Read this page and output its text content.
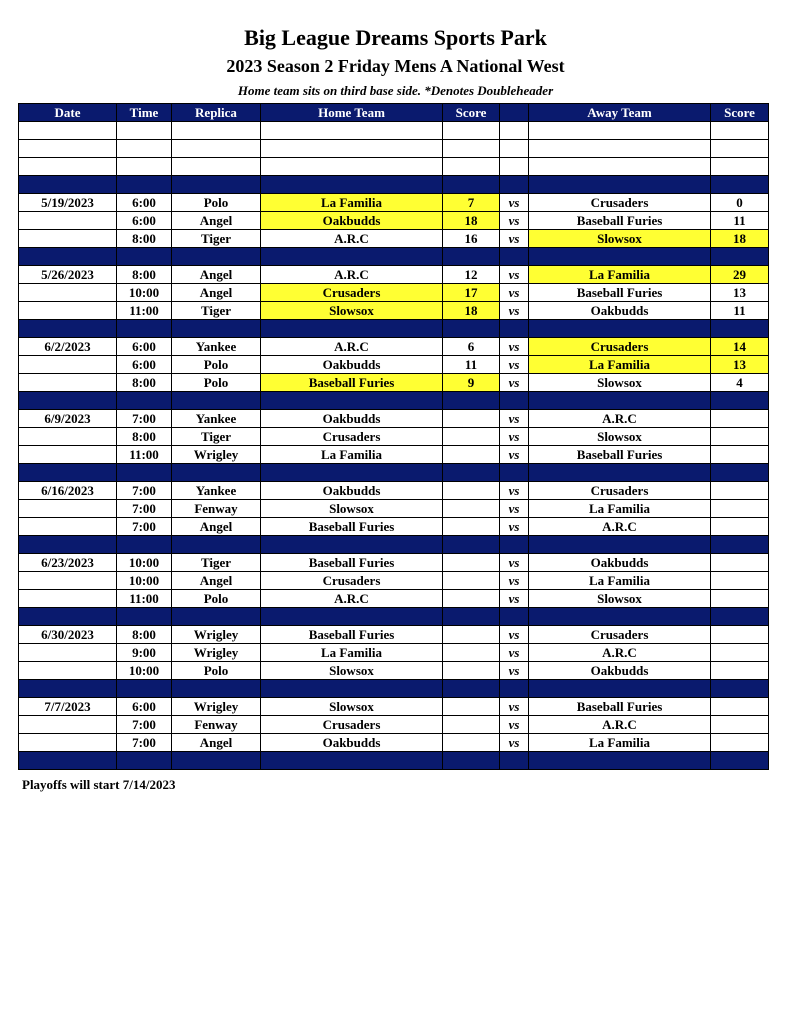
Big League Dreams Sports Park
2023 Season 2 Friday Mens A National West
Home team sits on third base side. *Denotes Doubleheader
Date	Time	Replica	Home Team	Score		Away Team	Score

5/19/2023	6:00	Polo	La Familia	7	vs	Crusaders	0
	6:00	Angel	Oakbudds	18	vs	Baseball Furies	11
	8:00	Tiger	A.R.C	16	vs	Slowsox	18

5/26/2023	8:00	Angel	A.R.C	12	vs	La Familia	29
	10:00	Angel	Crusaders	17	vs	Baseball Furies	13
	11:00	Tiger	Slowsox	18	vs	Oakbudds	11

6/2/2023	6:00	Yankee	A.R.C	6	vs	Crusaders	14
	6:00	Polo	Oakbudds	11	vs	La Familia	13
	8:00	Polo	Baseball Furies	9	vs	Slowsox	4

6/9/2023	7:00	Yankee	Oakbudds		vs	A.R.C	
	8:00	Tiger	Crusaders		vs	Slowsox	
	11:00	Wrigley	La Familia		vs	Baseball Furies	

6/16/2023	7:00	Yankee	Oakbudds		vs	Crusaders	
	7:00	Fenway	Slowsox		vs	La Familia	
	7:00	Angel	Baseball Furies		vs	A.R.C	

6/23/2023	10:00	Tiger	Baseball Furies		vs	Oakbudds	
	10:00	Angel	Crusaders		vs	La Familia	
	11:00	Polo	A.R.C		vs	Slowsox	

6/30/2023	8:00	Wrigley	Baseball Furies		vs	Crusaders	
	9:00	Wrigley	La Familia		vs	A.R.C	
	10:00	Polo	Slowsox		vs	Oakbudds	

7/7/2023	6:00	Wrigley	Slowsox		vs	Baseball Furies	
	7:00	Fenway	Crusaders		vs	A.R.C	
	7:00	Angel	Oakbudds		vs	La Familia	

Playoffs will start 7/14/2023
